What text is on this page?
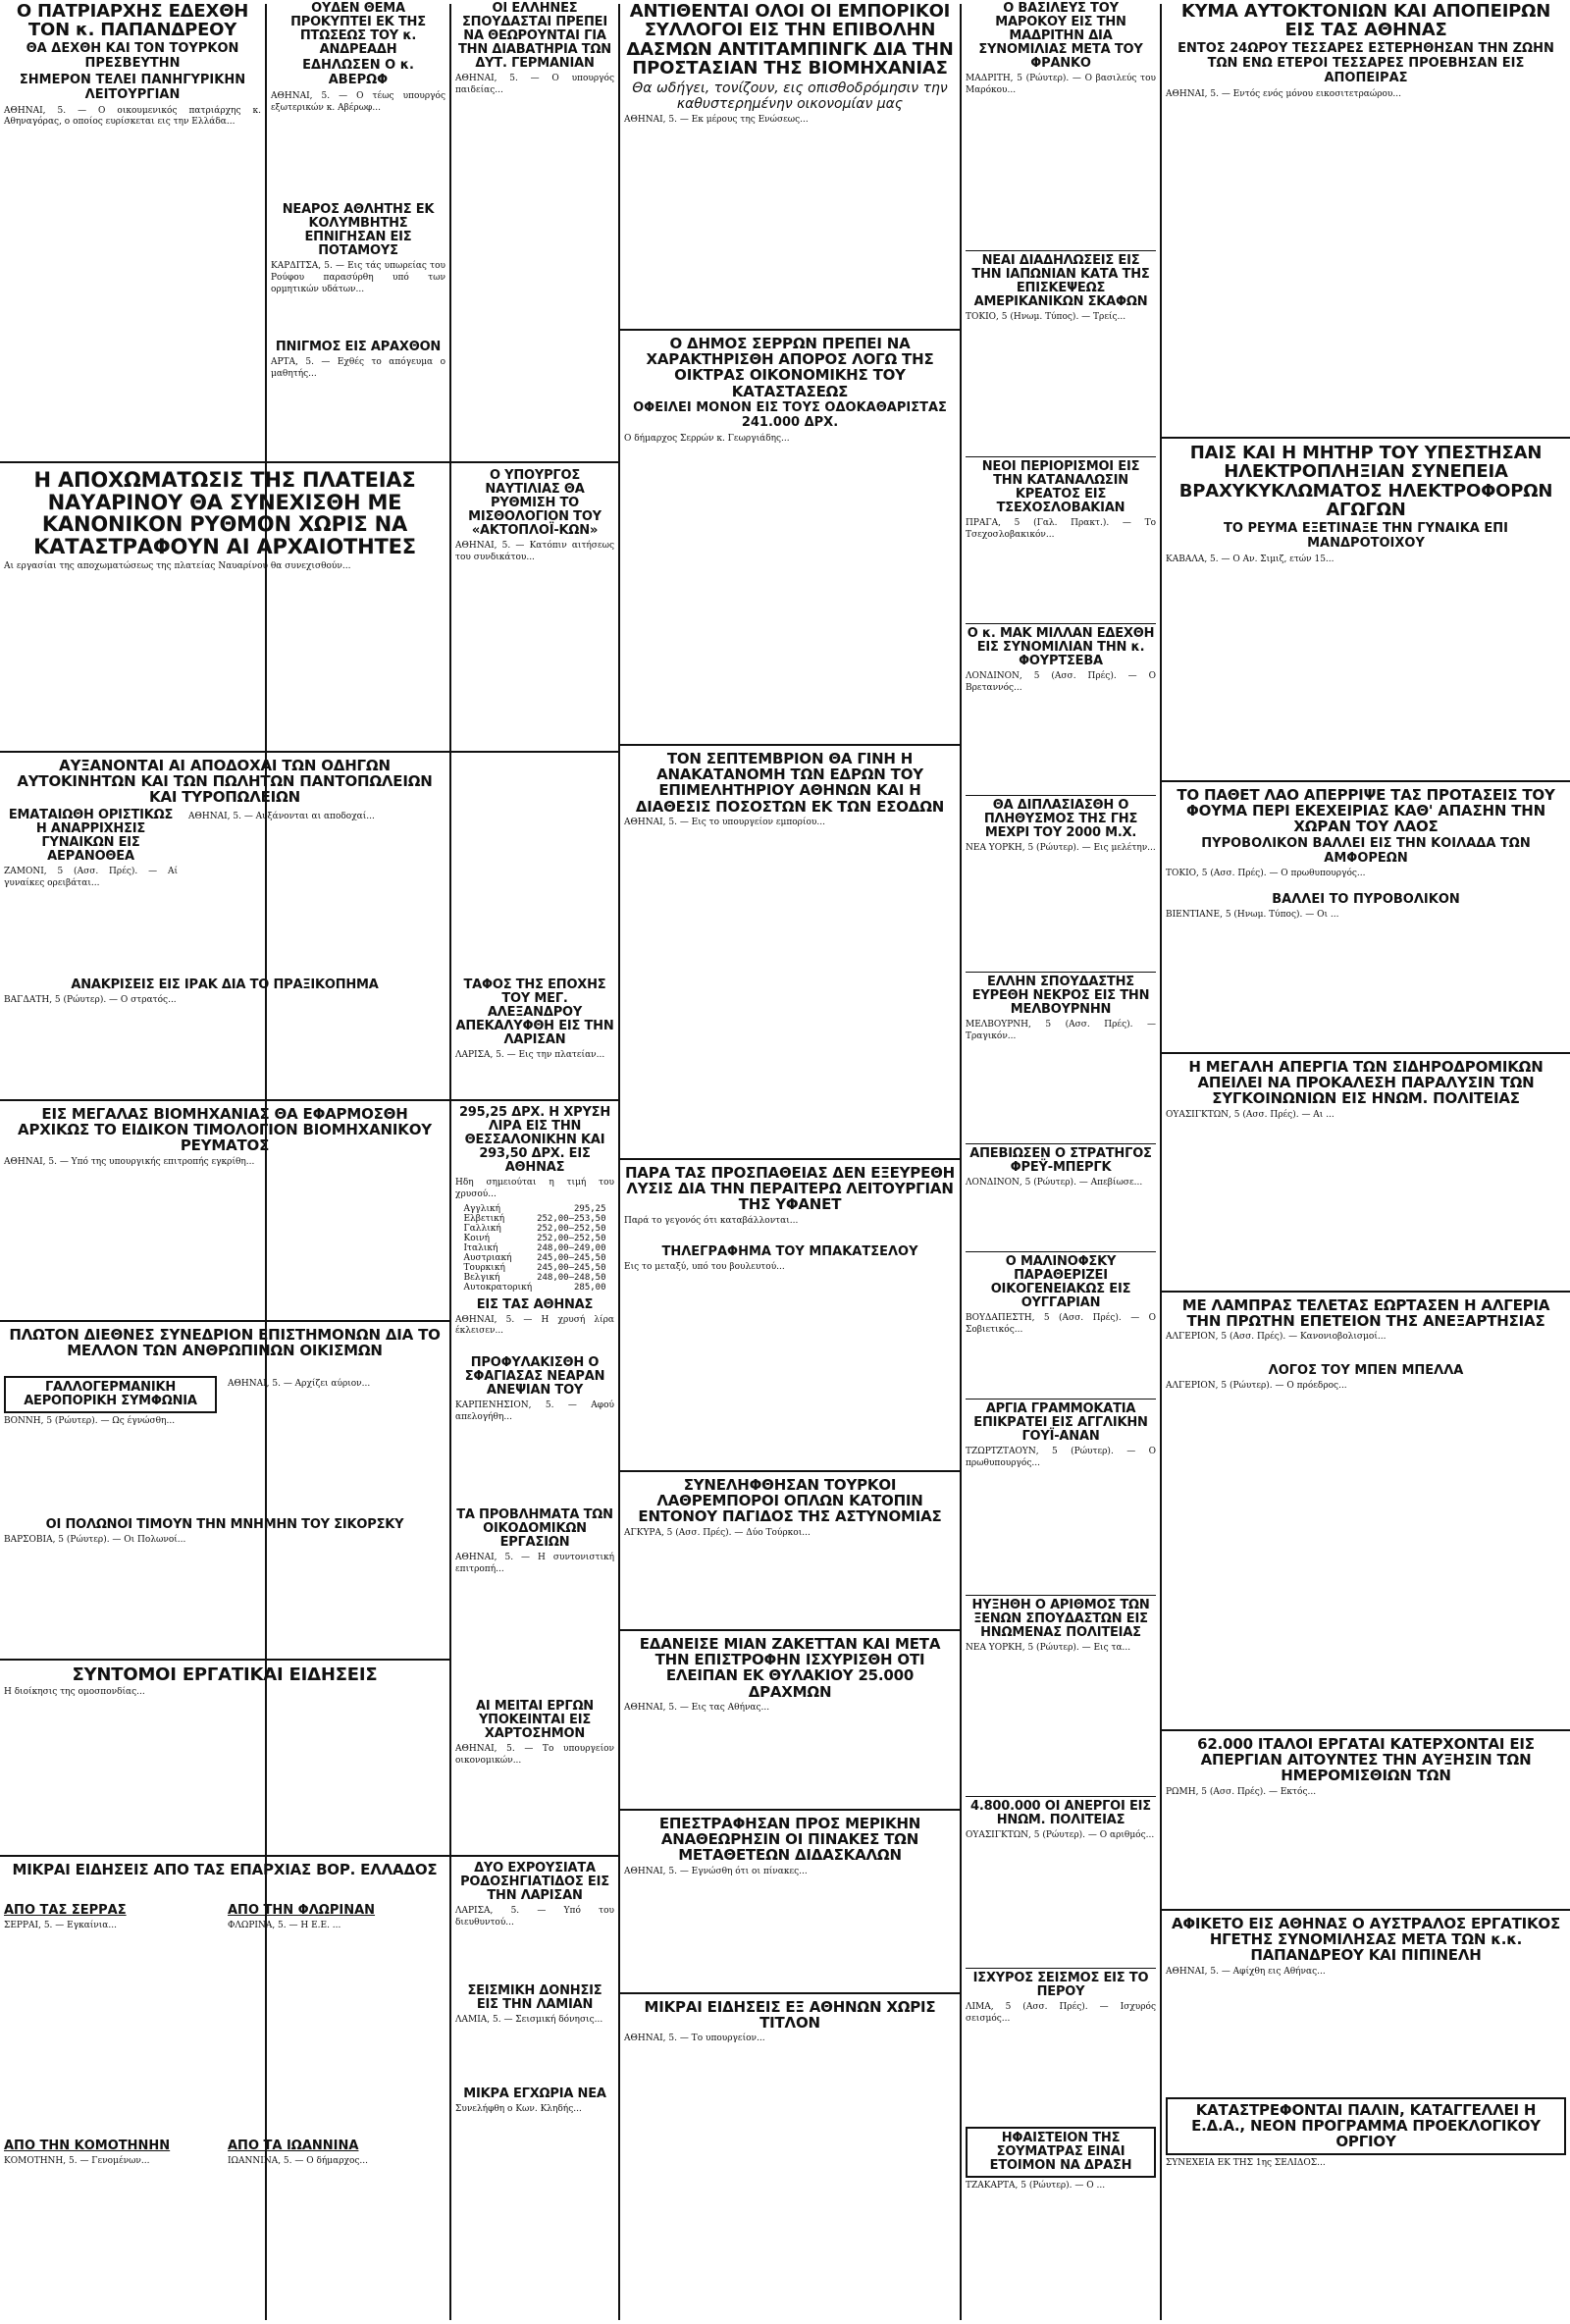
Ο ΠΑΤΡΙΑΡΧΗΣ ΕΔΕΧΘΗ ΤΟΝ κ. ΠΑΠΑΝΔΡΕΟΥ

ΘΑ ΔΕΧΘΗ ΚΑΙ ΤΟΝ ΤΟΥΡΚΟΝ ΠΡΕΣΒΕΥΤΗΝ

ΣΗΜΕΡΟΝ ΤΕΛΕΙ ΠΑΝΗΓΥΡΙΚΗΝ ΛΕΙΤΟΥΡΓΙΑΝ

ΑΘΗΝΑΙ, 5. — Ο οικουμενικός πατριάρχης κ. Αθηναγόρας, ο οποίος ευρίσκεται εις την Ελλάδα...

ΟΥΔΕΝ ΘΕΜΑ ΠΡΟΚΥΠΤΕΙ ΕΚ ΤΗΣ ΠΤΩΣΕΩΣ ΤΟΥ κ. ΑΝΔΡΕΑΔΗ

ΕΔΗΛΩΣΕΝ Ο κ. ΑΒΕΡΩΦ

ΑΘΗΝΑΙ, 5. — Ο τέως υπουργός εξωτερικών κ. Αβέρωφ...

ΝΕΑΡΟΣ ΑΘΛΗΤΗΣ ΕΚ ΚΟΛΥΜΒΗΤΗΣ ΕΠΝΙΓΗΣΑΝ ΕΙΣ ΠΟΤΑΜΟΥΣ

ΚΑΡΔΙΤΣΑ, 5. — Εις τάς υπωρείας του Ρούφου παρασύρθη υπό των ορμητικών υδάτων...

ΠΝΙΓΜΟΣ ΕΙΣ ΑΡΑΧΘΟΝ

ΑΡΤΑ, 5. — Εχθές το απόγευμα ο μαθητής...

ΟΙ ΕΛΛΗΝΕΣ ΣΠΟΥΔΑΣΤΑΙ ΠΡΕΠΕΙ ΝΑ ΘΕΩΡΟΥΝΤΑΙ ΓΙΑ ΤΗΝ ΔΙΑΒΑΤΗΡΙΑ ΤΩΝ ΔΥΤ. ΓΕΡΜΑΝΙΑΝ

ΑΘΗΝΑΙ, 5. — Ο υπουργός παιδείας...

Η ΑΠΟΧΩΜΑΤΩΣΙΣ ΤΗΣ ΠΛΑΤΕΙΑΣ ΝΑΥΑΡΙΝΟΥ ΘΑ ΣΥΝΕΧΙΣΘΗ ΜΕ ΚΑΝΟΝΙΚΟΝ ΡΥΘΜΟΝ ΧΩΡΙΣ ΝΑ ΚΑΤΑΣΤΡΑΦΟΥΝ ΑΙ ΑΡΧΑΙΟΤΗΤΕΣ

Αι εργασίαι της αποχωματώσεως της πλατείας Ναυαρίνου θα συνεχισθούν...

Ο ΥΠΟΥΡΓΟΣ ΝΑΥΤΙΛΙΑΣ ΘΑ ΡΥΘΜΙΣΗ ΤΟ ΜΙΣΘΟΛΟΓΙΟΝ ΤΟΥ «ΑΚΤΟΠΛΟΪ-ΚΩΝ»

ΑΘΗΝΑΙ, 5. — Κατόπιν αιτήσεως του συνδικάτου...

ΑΥΞΑΝΟΝΤΑΙ ΑΙ ΑΠΟΔΟΧΑΙ ΤΩΝ ΟΔΗΓΩΝ ΑΥΤΟΚΙΝΗΤΩΝ ΚΑΙ ΤΩΝ ΠΩΛΗΤΩΝ ΠΑΝΤΟΠΩΛΕΙΩΝ ΚΑΙ ΤΥΡΟΠΩΛΕΙΩΝ
ΕΜΑΤΑΙΩΘΗ ΟΡΙΣΤΙΚΩΣ Η ΑΝΑΡΡΙΧΗΣΙΣ ΓΥΝΑΙΚΩΝ ΕΙΣ ΑΕΡΑΝΟΘΕΑ

ΖΑΜΟΝΙ, 5 (Ασσ. Πρές). — Αί γυναίκες ορειβάται...

ΑΘΗΝΑΙ, 5. — Αυξάνονται αι αποδοχαί...

ΑΝΑΚΡΙΣΕΙΣ ΕΙΣ ΙΡΑΚ ΔΙΑ ΤΟ ΠΡΑΞΙΚΟΠΗΜΑ

ΒΑΓΔΑΤΗ, 5 (Ρώυτερ). — Ο στρατός...

ΤΑΦΟΣ ΤΗΣ ΕΠΟΧΗΣ ΤΟΥ ΜΕΓ. ΑΛΕΞΑΝΔΡΟΥ ΑΠΕΚΑΛΥΦΘΗ ΕΙΣ ΤΗΝ ΛΑΡΙΣΑΝ

ΛΑΡΙΣΑ, 5. — Εις την πλατείαν...

ΕΙΣ ΜΕΓΑΛΑΣ ΒΙΟΜΗΧΑΝΙΑΣ ΘΑ ΕΦΑΡΜΟΣΘΗ ΑΡΧΙΚΩΣ ΤΟ ΕΙΔΙΚΟΝ ΤΙΜΟΛΟΓΙΟΝ ΒΙΟΜΗΧΑΝΙΚΟΥ ΡΕΥΜΑΤΟΣ

ΑΘΗΝΑΙ, 5. — Υπό της υπουργικής επιτροπής εγκρίθη...

295,25 ΔΡΧ. Η ΧΡΥΣΗ ΛΙΡΑ ΕΙΣ ΤΗΝ ΘΕΣΣΑΛΟΝΙΚΗΝ ΚΑΙ 293,50 ΔΡΧ. ΕΙΣ ΑΘΗΝΑΣ

Ηδη σημειούται η τιμή του χρυσού...

Αγγλική	295,25
Ελβετική	252,00—253,50
Γαλλική	252,00—252,50
Κοινή	252,00—252,50
Ιταλική	248,00—249,00
Αυστριακή	245,00—245,50
Τουρκική	245,00—245,50
Βελγική	248,00—248,50
Αυτοκρατορική	285,00
ΕΙΣ ΤΑΣ ΑΘΗΝΑΣ

ΑΘΗΝΑΙ, 5. — Η χρυσή λίρα έκλεισεν...

ΠΛΩΤΟΝ ΔΙΕΘΝΕΣ ΣΥΝΕΔΡΙΟΝ ΕΠΙΣΤΗΜΟΝΩΝ ΔΙΑ ΤΟ ΜΕΛΛΟΝ ΤΩΝ ΑΝΘΡΩΠΙΝΩΝ ΟΙΚΙΣΜΩΝ
ΓΑΛΛΟΓΕΡΜΑΝΙΚΗ ΑΕΡΟΠΟΡΙΚΗ ΣΥΜΦΩΝΙΑ

ΒΟΝΝΗ, 5 (Ρώυτερ). — Ως έγνώσθη...

ΑΘΗΝΑΙ, 5. — Αρχίζει αύριον...

ΠΡΟΦΥΛΑΚΙΣΘΗ Ο ΣΦΑΓΙΑΣΑΣ ΝΕΑΡΑΝ ΑΝΕΨΙΑΝ ΤΟΥ

ΚΑΡΠΕΝΗΣΙΟΝ, 5. — Αφού απελογήθη...

ΟΙ ΠΟΛΩΝΟΙ ΤΙΜΟΥΝ ΤΗΝ ΜΝΗΜΗΝ ΤΟΥ ΣΙΚΟΡΣΚΥ

ΒΑΡΣΟΒΙΑ, 5 (Ρώυτερ). — Οι Πολωνοί...

ΤΑ ΠΡΟΒΛΗΜΑΤΑ ΤΩΝ ΟΙΚΟΔΟΜΙΚΩΝ ΕΡΓΑΣΙΩΝ

ΑΘΗΝΑΙ, 5. — Η συντονιστική επιτροπή...

ΣΥΝΤΟΜΟΙ ΕΡΓΑΤΙΚΑΙ ΕΙΔΗΣΕΙΣ

Η διοίκησις της ομοσπονδίας...

ΑΙ ΜΕΙΤΑΙ ΕΡΓΩΝ ΥΠΟΚΕΙΝΤΑΙ ΕΙΣ ΧΑΡΤΟΣΗΜΟΝ

ΑΘΗΝΑΙ, 5. — Το υπουργείον οικονομικών...

ΜΙΚΡΑΙ ΕΙΔΗΣΕΙΣ ΑΠΟ ΤΑΣ ΕΠΑΡΧΙΑΣ ΒΟΡ. ΕΛΛΑΔΟΣ

ΑΠΟ ΤΑΣ ΣΕΡΡΑΣ

ΣΕΡΡΑΙ, 5. — Εγκαίνια...

ΑΠΟ ΤΗΝ ΦΛΩΡΙΝΑΝ

ΦΛΩΡΙΝΑ, 5. — Η Ε.Ε. ...

ΑΠΟ ΤΗΝ ΚΟΜΟΤΗΝΗΝ

ΚΟΜΟΤΗΝΗ, 5. — Γενομένων...

ΑΠΟ ΤΑ ΙΩΑΝΝΙΝΑ

ΙΩΑΝΝΙΝΑ, 5. — Ο δήμαρχος...

ΔΥΟ ΕΧΡΟΥΣΙΑΤΑ ΡΟΔΟΣΗΓΙΑΤΙΔΟΣ ΕΙΣ ΤΗΝ ΛΑΡΙΣΑΝ

ΛΑΡΙΣΑ, 5. — Υπό του διευθυντού...

ΣΕΙΣΜΙΚΗ ΔΟΝΗΣΙΣ ΕΙΣ ΤΗΝ ΛΑΜΙΑΝ

ΛΑΜΙΑ, 5. — Σεισμική δόνησις...

ΜΙΚΡΑ ΕΓΧΩΡΙΑ ΝΕΑ

Συνελήφθη ο Κων. Κληδής...

ΑΝΤΙΘΕΝΤΑΙ ΟΛΟΙ ΟΙ ΕΜΠΟΡΙΚΟΙ ΣΥΛΛΟΓΟΙ ΕΙΣ ΤΗΝ ΕΠΙΒΟΛΗΝ ΔΑΣΜΩΝ ΑΝΤΙΤΑΜΠΙΝΓΚ ΔΙΑ ΤΗΝ ΠΡΟΣΤΑΣΙΑΝ ΤΗΣ ΒΙΟΜΗΧΑΝΙΑΣ

Θα ωδήγει, τονίζουν, εις οπισθοδρόμησιν την καθυστερημένην οικονομίαν μας

ΑΘΗΝΑΙ, 5. — Εκ μέρους της Ενώσεως...

Ο ΔΗΜΟΣ ΣΕΡΡΩΝ ΠΡΕΠΕΙ ΝΑ ΧΑΡΑΚΤΗΡΙΣΘΗ ΑΠΟΡΟΣ ΛΟΓΩ ΤΗΣ ΟΙΚΤΡΑΣ ΟΙΚΟΝΟΜΙΚΗΣ ΤΟΥ ΚΑΤΑΣΤΑΣΕΩΣ

ΟΦΕΙΛΕΙ ΜΟΝΟΝ ΕΙΣ ΤΟΥΣ ΟΔΟΚΑΘΑΡΙΣΤΑΣ 241.000 ΔΡΧ.

Ο δήμαρχος Σερρών κ. Γεωργιάδης...

ΤΟΝ ΣΕΠΤΕΜΒΡΙΟΝ ΘΑ ΓΙΝΗ Η ΑΝΑΚΑΤΑΝΟΜΗ ΤΩΝ ΕΔΡΩΝ ΤΟΥ ΕΠΙΜΕΛΗΤΗΡΙΟΥ ΑΘΗΝΩΝ ΚΑΙ Η ΔΙΑΘΕΣΙΣ ΠΟΣΟΣΤΩΝ ΕΚ ΤΩΝ ΕΣΟΔΩΝ

ΑΘΗΝΑΙ, 5. — Εις το υπουργείον εμπορίου...

ΠΑΡΑ ΤΑΣ ΠΡΟΣΠΑΘΕΙΑΣ ΔΕΝ ΕΞΕΥΡΕΘΗ ΛΥΣΙΣ ΔΙΑ ΤΗΝ ΠΕΡΑΙΤΕΡΩ ΛΕΙΤΟΥΡΓΙΑΝ ΤΗΣ ΥΦΑΝΕΤ

Παρά το γεγονός ότι καταβάλλονται...

ΤΗΛΕΓΡΑΦΗΜΑ ΤΟΥ ΜΠΑΚΑΤΣΕΛΟΥ

Εις το μεταξύ, υπό του βουλευτού...

ΣΥΝΕΛΗΦΘΗΣΑΝ ΤΟΥΡΚΟΙ ΛΑΘΡΕΜΠΟΡΟΙ ΟΠΛΩΝ ΚΑΤΟΠΙΝ ΕΝΤΟΝΟΥ ΠΑΓΙΔΟΣ ΤΗΣ ΑΣΤΥΝΟΜΙΑΣ

ΑΓΚΥΡΑ, 5 (Ασσ. Πρές). — Δύο Τούρκοι...

ΕΔΑΝΕΙΣΕ ΜΙΑΝ ΖΑΚΕΤΤΑΝ ΚΑΙ ΜΕΤΑ ΤΗΝ ΕΠΙΣΤΡΟΦΗΝ ΙΣΧΥΡΙΣΘΗ ΟΤΙ ΕΛΕΙΠΑΝ ΕΚ ΘΥΛΑΚΙΟΥ 25.000 ΔΡΑΧΜΩΝ

ΑΘΗΝΑΙ, 5. — Εις τας Αθήνας...

ΕΠΕΣΤΡΑΦΗΣΑΝ ΠΡΟΣ ΜΕΡΙΚΗΝ ΑΝΑΘΕΩΡΗΣΙΝ ΟΙ ΠΙΝΑΚΕΣ ΤΩΝ ΜΕΤΑΘΕΤΕΩΝ ΔΙΔΑΣΚΑΛΩΝ

ΑΘΗΝΑΙ, 5. — Εγνώσθη ότι οι πίνακες...

ΜΙΚΡΑΙ ΕΙΔΗΣΕΙΣ ΕΞ ΑΘΗΝΩΝ ΧΩΡΙΣ ΤΙΤΛΟΝ

ΑΘΗΝΑΙ, 5. — Το υπουργείον...

Ο ΒΑΣΙΛΕΥΣ ΤΟΥ ΜΑΡΟΚΟΥ ΕΙΣ ΤΗΝ ΜΑΔΡΙΤΗΝ ΔΙΑ ΣΥΝΟΜΙΛΙΑΣ ΜΕΤΑ ΤΟΥ ΦΡΑΝΚΟ

ΜΑΔΡΙΤΗ, 5 (Ρώυτερ). — Ο βασιλεύς του Μαρόκου...

ΝΕΑΙ ΔΙΑΔΗΛΩΣΕΙΣ ΕΙΣ ΤΗΝ ΙΑΠΩΝΙΑΝ ΚΑΤΑ ΤΗΣ ΕΠΙΣΚΕΨΕΩΣ ΑΜΕΡΙΚΑΝΙΚΩΝ ΣΚΑΦΩΝ

ΤΟΚΙΟ, 5 (Ηνωμ. Τύπος). — Τρείς...

ΝΕΟΙ ΠΕΡΙΟΡΙΣΜΟΙ ΕΙΣ ΤΗΝ ΚΑΤΑΝΑΛΩΣΙΝ ΚΡΕΑΤΟΣ ΕΙΣ ΤΣΕΧΟΣΛΟΒΑΚΙΑΝ

ΠΡΑΓΑ, 5 (Γαλ. Πρακτ.). — Το Τσεχοσλοβακικόν...

Ο κ. ΜΑΚ ΜΙΛΛΑΝ ΕΔΕΧΘΗ ΕΙΣ ΣΥΝΟΜΙΛΙΑΝ ΤΗΝ κ. ΦΟΥΡΤΣΕΒΑ

ΛΟΝΔΙΝΟΝ, 5 (Ασσ. Πρές). — Ο Βρεταννός...

ΘΑ ΔΙΠΛΑΣΙΑΣΘΗ Ο ΠΛΗΘΥΣΜΟΣ ΤΗΣ ΓΗΣ ΜΕΧΡΙ ΤΟΥ 2000 Μ.Χ.

ΝΕΑ ΥΟΡΚΗ, 5 (Ρώυτερ). — Εις μελέτην...

ΕΛΛΗΝ ΣΠΟΥΔΑΣΤΗΣ ΕΥΡΕΘΗ ΝΕΚΡΟΣ ΕΙΣ ΤΗΝ ΜΕΛΒΟΥΡΝΗΝ

ΜΕΛΒΟΥΡΝΗ, 5 (Ασσ. Πρές). — Τραγικόν...

ΑΠΕΒΙΩΣΕΝ Ο ΣΤΡΑΤΗΓΟΣ ΦΡΕΫ-ΜΠΕΡΓΚ

ΛΟΝΔΙΝΟΝ, 5 (Ρώυτερ). — Απεβίωσε...

Ο ΜΑΛΙΝΟΦΣΚΥ ΠΑΡΑΘΕΡΙΖΕΙ ΟΙΚΟΓΕΝΕΙΑΚΩΣ ΕΙΣ ΟΥΓΓΑΡΙΑΝ

ΒΟΥΔΑΠΕΣΤΗ, 5 (Ασσ. Πρές). — Ο Σοβιετικός...

ΑΡΓΙΑ ΓΡΑΜΜΟΚΑΤΙΑ ΕΠΙΚΡΑΤΕΙ ΕΙΣ ΑΓΓΛΙΚΗΝ ΓΟΥΪ-ΑΝΑΝ

ΤΖΩΡΤΖΤΑΟΥΝ, 5 (Ρώυτερ). — Ο πρωθυπουργός...

ΗΥΞΗΘΗ Ο ΑΡΙΘΜΟΣ ΤΩΝ ΞΕΝΩΝ ΣΠΟΥΔΑΣΤΩΝ ΕΙΣ ΗΝΩΜΕΝΑΣ ΠΟΛΙΤΕΙΑΣ

ΝΕΑ ΥΟΡΚΗ, 5 (Ρώυτερ). — Εις τα...

4.800.000 ΟΙ ΑΝΕΡΓΟΙ ΕΙΣ ΗΝΩΜ. ΠΟΛΙΤΕΙΑΣ

ΟΥΑΣΙΓΚΤΩΝ, 5 (Ρώυτερ). — Ο αριθμός...

ΙΣΧΥΡΟΣ ΣΕΙΣΜΟΣ ΕΙΣ ΤΟ ΠΕΡΟΥ

ΛΙΜΑ, 5 (Ασσ. Πρές). — Ισχυρός σεισμός...

ΗΦΑΙΣΤΕΙΟΝ ΤΗΣ ΣΟΥΜΑΤΡΑΣ ΕΙΝΑΙ ΕΤΟΙΜΟΝ ΝΑ ΔΡΑΣΗ

ΤΖΑΚΑΡΤΑ, 5 (Ρώυτερ). — Ο ...

ΚΥΜΑ ΑΥΤΟΚΤΟΝΙΩΝ ΚΑΙ ΑΠΟΠΕΙΡΩΝ ΕΙΣ ΤΑΣ ΑΘΗΝΑΣ

ΕΝΤΟΣ 24ΩΡΟΥ ΤΕΣΣΑΡΕΣ ΕΣΤΕΡΗΘΗΣΑΝ ΤΗΝ ΖΩΗΝ ΤΩΝ ΕΝΩ ΕΤΕΡΟΙ ΤΕΣΣΑΡΕΣ ΠΡΟΕΒΗΣΑΝ ΕΙΣ ΑΠΟΠΕΙΡΑΣ

ΑΘΗΝΑΙ, 5. — Εντός ενός μόνου εικοσιτετραώρου...

ΠΑΙΣ ΚΑΙ Η ΜΗΤΗΡ ΤΟΥ ΥΠΕΣΤΗΣΑΝ ΗΛΕΚΤΡΟΠΛΗΞΙΑΝ ΣΥΝΕΠΕΙΑ ΒΡΑΧΥΚΥΚΛΩΜΑΤΟΣ ΗΛΕΚΤΡΟΦΟΡΩΝ ΑΓΩΓΩΝ

ΤΟ ΡΕΥΜΑ ΕΞΕΤΙΝΑΞΕ ΤΗΝ ΓΥΝΑΙΚΑ ΕΠΙ ΜΑΝΔΡΟΤΟΙΧΟΥ

ΚΑΒΑΛΑ, 5. — Ο Αν. Σιμιζ, ετών 15...

ΤΟ ΠΑΘΕΤ ΛΑΟ ΑΠΕΡΡΙΨΕ ΤΑΣ ΠΡΟΤΑΣΕΙΣ ΤΟΥ ΦΟΥΜΑ ΠΕΡΙ ΕΚΕΧΕΙΡΙΑΣ ΚΑΘ' ΑΠΑΣΗΝ ΤΗΝ ΧΩΡΑΝ ΤΟΥ ΛΑΟΣ

ΠΥΡΟΒΟΛΙΚΟΝ ΒΑΛΛΕΙ ΕΙΣ ΤΗΝ ΚΟΙΛΑΔΑ ΤΩΝ ΑΜΦΟΡΕΩΝ

ΤΟΚΙΟ, 5 (Ασσ. Πρές). — Ο πρωθυπουργός...

ΒΑΛΛΕΙ ΤΟ ΠΥΡΟΒΟΛΙΚΟΝ

ΒΙΕΝΤΙΑΝΕ, 5 (Ηνωμ. Τύπος). — Οι ...

Η ΜΕΓΑΛΗ ΑΠΕΡΓΙΑ ΤΩΝ ΣΙΔΗΡΟΔΡΟΜΙΚΩΝ ΑΠΕΙΛΕΙ ΝΑ ΠΡΟΚΑΛΕΣΗ ΠΑΡΑΛΥΣΙΝ ΤΩΝ ΣΥΓΚΟΙΝΩΝΙΩΝ ΕΙΣ ΗΝΩΜ. ΠΟΛΙΤΕΙΑΣ

ΟΥΑΣΙΓΚΤΩΝ, 5 (Ασσ. Πρές). — Αι ...

ΜΕ ΛΑΜΠΡΑΣ ΤΕΛΕΤΑΣ ΕΩΡΤΑΣΕΝ Η ΑΛΓΕΡΙΑ ΤΗΝ ΠΡΩΤΗΝ ΕΠΕΤΕΙΟΝ ΤΗΣ ΑΝΕΞΑΡΤΗΣΙΑΣ

ΑΛΓΕΡΙΟΝ, 5 (Ασσ. Πρές). — Κανονιοβολισμοί...

ΛΟΓΟΣ ΤΟΥ ΜΠΕΝ ΜΠΕΛΛΑ

ΑΛΓΕΡΙΟΝ, 5 (Ρώυτερ). — Ο πρόεδρος...

62.000 ΙΤΑΛΟΙ ΕΡΓΑΤΑΙ ΚΑΤΕΡΧΟΝΤΑΙ ΕΙΣ ΑΠΕΡΓΙΑΝ ΑΙΤΟΥΝΤΕΣ ΤΗΝ ΑΥΞΗΣΙΝ ΤΩΝ ΗΜΕΡΟΜΙΣΘΙΩΝ ΤΩΝ

ΡΩΜΗ, 5 (Ασσ. Πρές). — Εκτός...

ΑΦΙΚΕΤΟ ΕΙΣ ΑΘΗΝΑΣ Ο ΑΥΣΤΡΑΛΟΣ ΕΡΓΑΤΙΚΟΣ ΗΓΕΤΗΣ ΣΥΝΟΜΙΛΗΣΑΣ ΜΕΤΑ ΤΩΝ κ.κ. ΠΑΠΑΝΔΡΕΟΥ ΚΑΙ ΠΙΠΙΝΕΛΗ

ΑΘΗΝΑΙ, 5. — Αφίχθη εις Αθήνας...

ΚΑΤΑΣΤΡΕΦΟΝΤΑΙ ΠΑΛΙΝ, ΚΑΤΑΓΓΕΛΛΕΙ Η Ε.Δ.Α., ΝΕΟΝ ΠΡΟΓΡΑΜΜΑ ΠΡΟΕΚΛΟΓΙΚΟΥ ΟΡΓΙΟΥ

ΣΥΝΕΧΕΙΑ ΕΚ ΤΗΣ 1ης ΣΕΛΙΔΟΣ...
